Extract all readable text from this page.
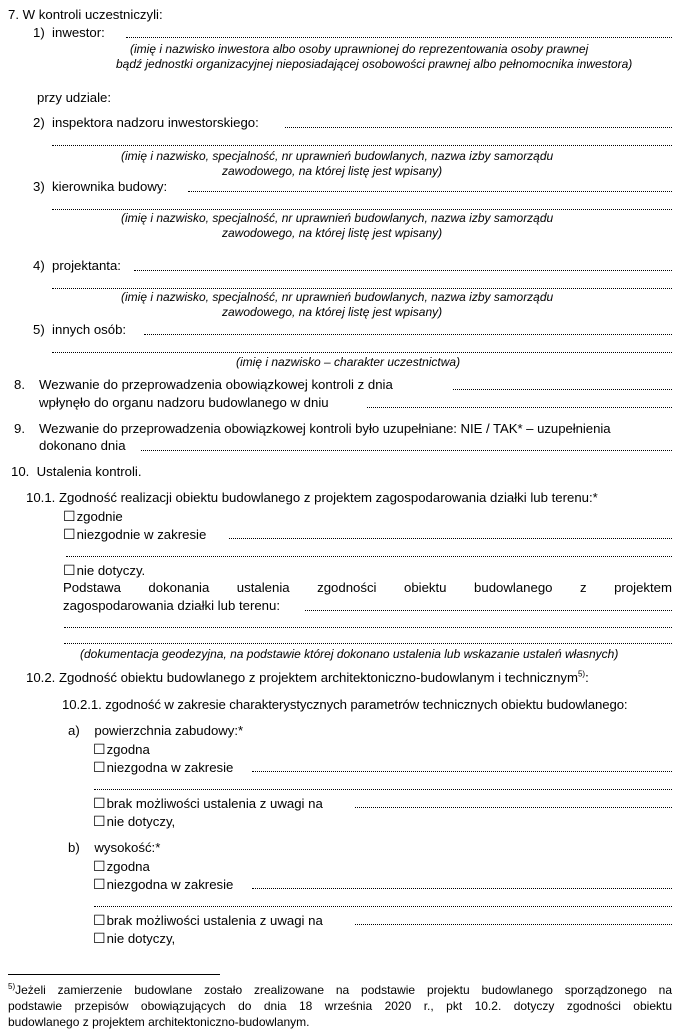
7. W kontroli uczestniczyli:
1)  inwestor:
(imię i nazwisko inwestora albo osoby uprawnionej do reprezentowania osoby prawnej
bądź jednostki organizacyjnej nieposiadającej osobowości prawnej albo pełnomocnika inwestora)
przy udziale:
2)  inspektora nadzoru inwestorskiego:
(imię i nazwisko, specjalność, nr uprawnień budowlanych, nazwa izby samorządu
zawodowego, na której listę jest wpisany)
3)  kierownika budowy:
(imię i nazwisko, specjalność, nr uprawnień budowlanych, nazwa izby samorządu
zawodowego, na której listę jest wpisany)
4)  projektanta:
(imię i nazwisko, specjalność, nr uprawnień budowlanych, nazwa izby samorządu
zawodowego, na której listę jest wpisany)
5)  innych osób:
(imię i nazwisko – charakter uczestnictwa)
8. Wezwanie do przeprowadzenia obowiązkowej kontroli z dnia
wpłynęło do organu nadzoru budowlanego w dniu
9. Wezwanie do przeprowadzenia obowiązkowej kontroli było uzupełniane: NIE / TAK* – uzupełnienia
dokonano dnia
10.  Ustalenia kontroli.
10.1. Zgodność realizacji obiektu budowlanego z projektem zagospodarowania działki lub terenu:*
☐zgodnie
☐niezgodnie w zakresie
☐nie dotyczy.
Podstawa dokonania ustalenia zgodności obiektu budowlanego z projektem
zagospodarowania działki lub terenu:
(dokumentacja geodezyjna, na podstawie której dokonano ustalenia lub wskazanie ustaleń własnych)
10.2. Zgodność obiektu budowlanego z projektem architektoniczno-budowlanym i technicznym$^{5)}$:
10.2.1. zgodność w zakresie charakterystycznych parametrów technicznych obiektu budowlanego:
a)    powierzchnia zabudowy:*
☐zgodna
☐niezgodna w zakresie
☐brak możliwości ustalenia z uwagi na
☐nie dotyczy,
b)    wysokość:*
☐zgodna
☐niezgodna w zakresie
☐brak możliwości ustalenia z uwagi na
☐nie dotyczy,
$^{5)}$Jeżeli zamierzenie budowlane zostało zrealizowane na podstawie projektu budowlanego sporządzonego na
podstawie przepisów obowiązujących do dnia 18 września 2020 r., pkt 10.2. dotyczy zgodności obiektu
budowlanego z projektem architektoniczno-budowlanym.
